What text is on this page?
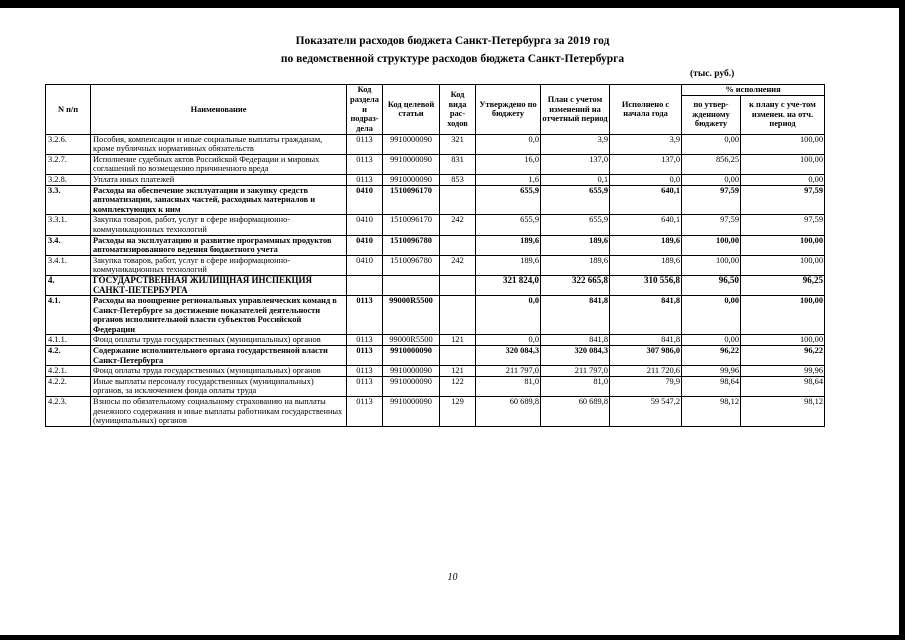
Показатели расходов бюджета Санкт-Петербурга за 2019 год
по ведомственной структуре расходов бюджета Санкт-Петербурга
(тыс. руб.)
N п/п	Наименование	Код раздела и подраз-дела	Код целевой статьи	Код вида рас-ходов	Утверждено по бюджету	План с учетом изменений на отчетный период	Исполнено с начала года	% исполнения	
								по утвер-жденному бюджету	к плану с уче-том изменен. на отч. период
3.2.6.	Пособия, компенсации и иные социальные выплаты гражданам, кроме публичных нормативных обязательств	0113	9910000090	321	0,0	3,9	3,9	0,00	100,00
3.2.7.	Исполнение судебных актов Российской Федерации и мировых соглашений по возмещению причиненного вреда	0113	9910000090	831	16,0	137,0	137,0	856,25	100,00
3.2.8.	Уплата иных платежей	0113	9910000090	853	1,6	0,1	0,0	0,00	0,00
3.3.	Расходы на обеспечение эксплуатации и закупку средств автоматизации, запасных частей, расходных материалов и комплектующих к ним	0410	1510096170		655,9	655,9	640,1	97,59	97,59
3.3.1.	Закупка товаров, работ, услуг в сфере информационно-коммуникационных технологий	0410	1510096170	242	655,9	655,9	640,1	97,59	97,59
3.4.	Расходы на эксплуатацию и развитие программных продуктов автоматизированного ведения бюджетного учета	0410	1510096780		189,6	189,6	189,6	100,00	100,00
3.4.1.	Закупка товаров, работ, услуг в сфере информационно-коммуникационных технологий	0410	1510096780	242	189,6	189,6	189,6	100,00	100,00
4.	ГОСУДАРСТВЕННАЯ ЖИЛИЩНАЯ ИНСПЕКЦИЯ САНКТ-ПЕТЕРБУРГА				321 824,0	322 665,8	310 556,8	96,50	96,25
4.1.	Расходы на поощрение региональных управленческих команд в Санкт-Петербурге за достижение показателей деятельности органов исполнительной власти субъектов Российской Федерации	0113	99000R5500		0,0	841,8	841,8	0,00	100,00
4.1.1.	Фонд оплаты труда государственных (муниципальных) органов	0113	99000R5500	121	0,0	841,8	841,8	0,00	100,00
4.2.	Содержание исполнительного органа государственной власти Санкт-Петербурга	0113	9910000090		320 084,3	320 084,3	307 986,0	96,22	96,22
4.2.1.	Фонд оплаты труда государственных (муниципальных) органов	0113	9910000090	121	211 797,0	211 797,0	211 720,6	99,96	99,96
4.2.2.	Иные выплаты персоналу государственных (муниципальных) органов, за исключением фонда оплаты труда	0113	9910000090	122	81,0	81,0	79,9	98,64	98,64
4.2.3.	Взносы по обязательному социальному страхованию на выплаты денежного содержания и иные выплаты работникам государственных (муниципальных) органов	0113	9910000090	129	60 689,8	60 689,8	59 547,2	98,12	98,12
10
